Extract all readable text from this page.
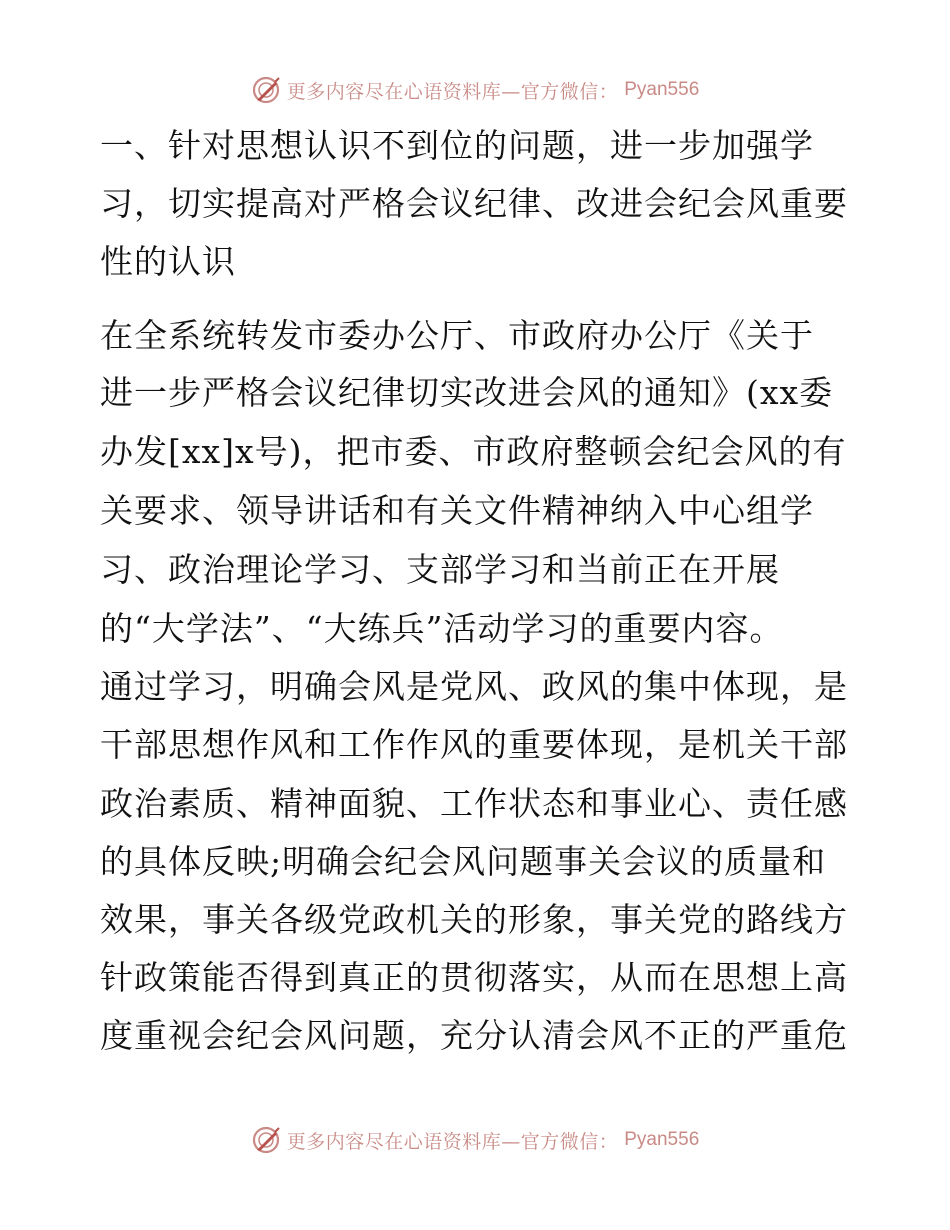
更多内容尽在心语资料库—官方微信： Pyan556
一、针对思想认识不到位的问题，进一步加强学
习，切实提高对严格会议纪律、改进会纪会风重要
性的认识
在全系统转发市委办公厅、市政府办公厅《关于
进一步严格会议纪律切实改进会风的通知》(xx委
办发[xx]x号)，把市委、市政府整顿会纪会风的有
关要求、领导讲话和有关文件精神纳入中心组学
习、政治理论学习、支部学习和当前正在开展
的“大学法”、“大练兵”活动学习的重要内容。
通过学习，明确会风是党风、政风的集中体现，是
干部思想作风和工作作风的重要体现，是机关干部
政治素质、精神面貌、工作状态和事业心、责任感
的具体反映;明确会纪会风问题事关会议的质量和
效果，事关各级党政机关的形象，事关党的路线方
针政策能否得到真正的贯彻落实，从而在思想上高
度重视会纪会风问题，充分认清会风不正的严重危
更多内容尽在心语资料库—官方微信： Pyan556
